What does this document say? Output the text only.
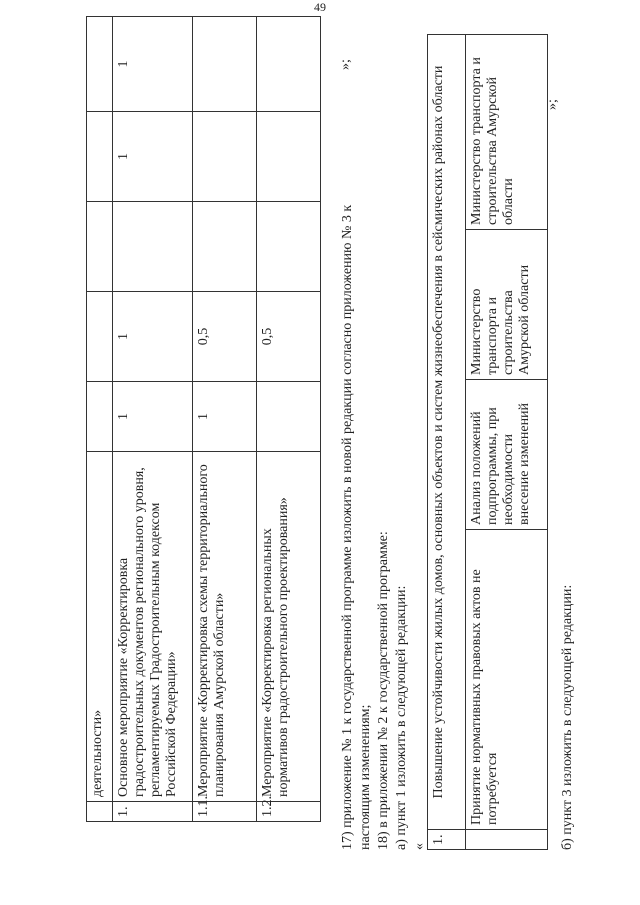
49
	деятельности»					
1.	Основное мероприятие «Корректировка градостроительных документов регионального уровня, регламентируемых Градостроительным кодексом Российской Федерации»	1	1		1	1
1.1.	Мероприятие «Корректировка схемы территориального планирования Амурской области»	1	0,5			
1.2.	Мероприятие «Корректировка региональных нормативов градостроительного проектирования»		0,5			
»;
17) приложение № 1 к государственной программе изложить в новой редакции согласно приложению № 3 к настоящим изменениям; 18) в приложении № 2 к государственной программе: а) пункт 1 изложить в следующей редакции: «
1.	Повышение устойчивости жилых домов, основных объектов и систем жизнеобеспечения в сейсмических районах области			
	Принятие нормативных правовых актов не потребуется	Анализ положений подпрограммы, при необходимости внесение изменений	Министерство транспорта и строительства Амурской области	Министерство транспорта и строительства Амурской области
»;
б) пункт 3 изложить в следующей редакции:
